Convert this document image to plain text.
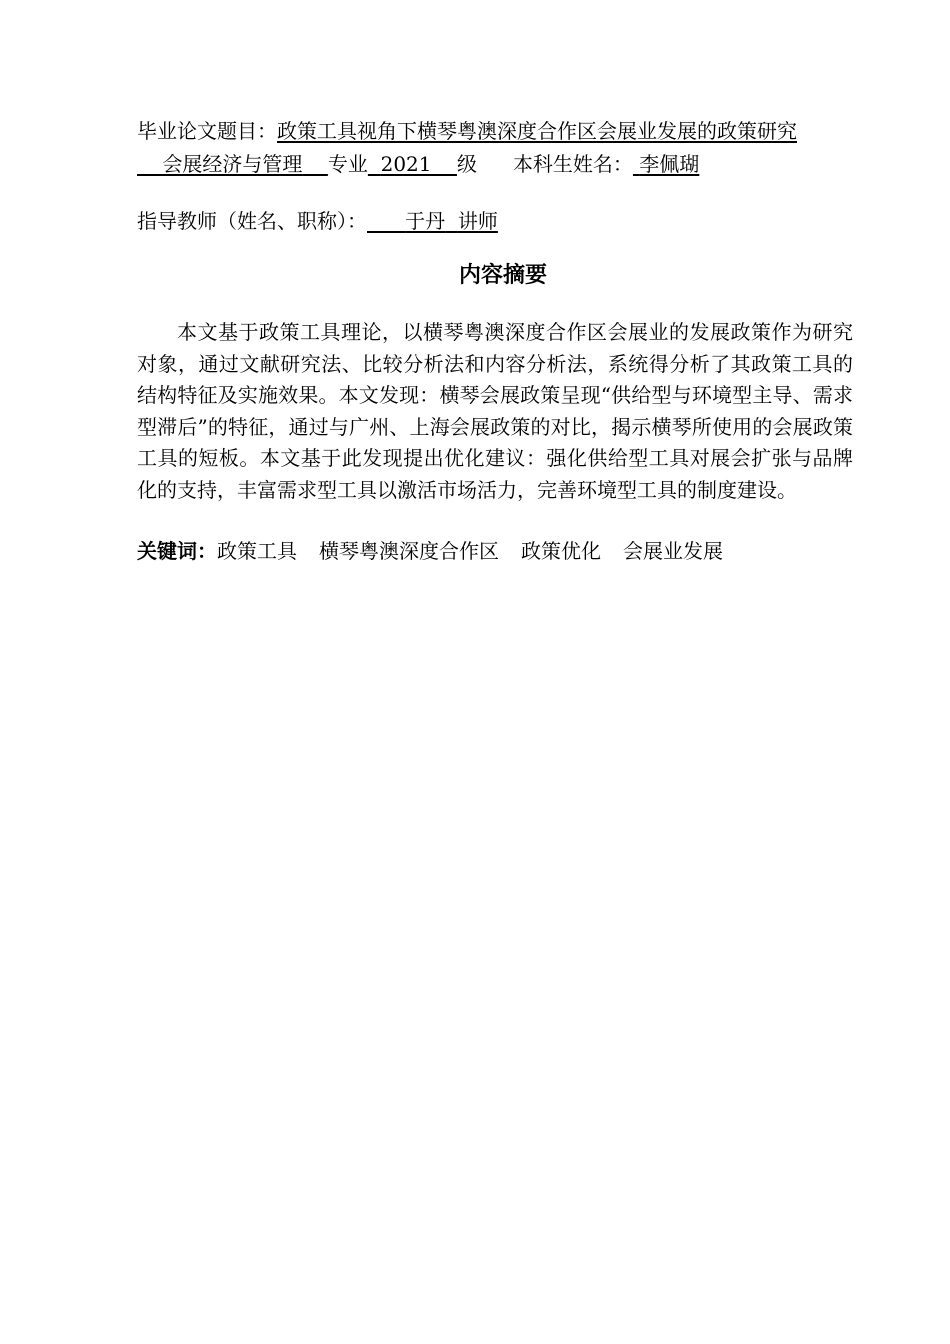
毕业论文题目：政策工具视角下横琴粤澳深度合作区会展业发展的政策研究
会展经济与管理 专业 2021 级 本科生姓名： 李佩瑚
指导教师（姓名、职称）： 于丹 讲师
内容摘要
本文基于政策工具理论，以横琴粤澳深度合作区会展业的发展政策作为研究对象，通过文献研究法、比较分析法和内容分析法，系统得分析了其政策工具的结构特征及实施效果。本文发现：横琴会展政策呈现“供给型与环境型主导、需求型滞后”的特征，通过与广州、上海会展政策的对比，揭示横琴所使用的会展政策工具的短板。本文基于此发现提出优化建议：强化供给型工具对展会扩张与品牌化的支持，丰富需求型工具以激活市场活力，完善环境型工具的制度建设。
关键词：政策工具 横琴粤澳深度合作区 政策优化 会展业发展
